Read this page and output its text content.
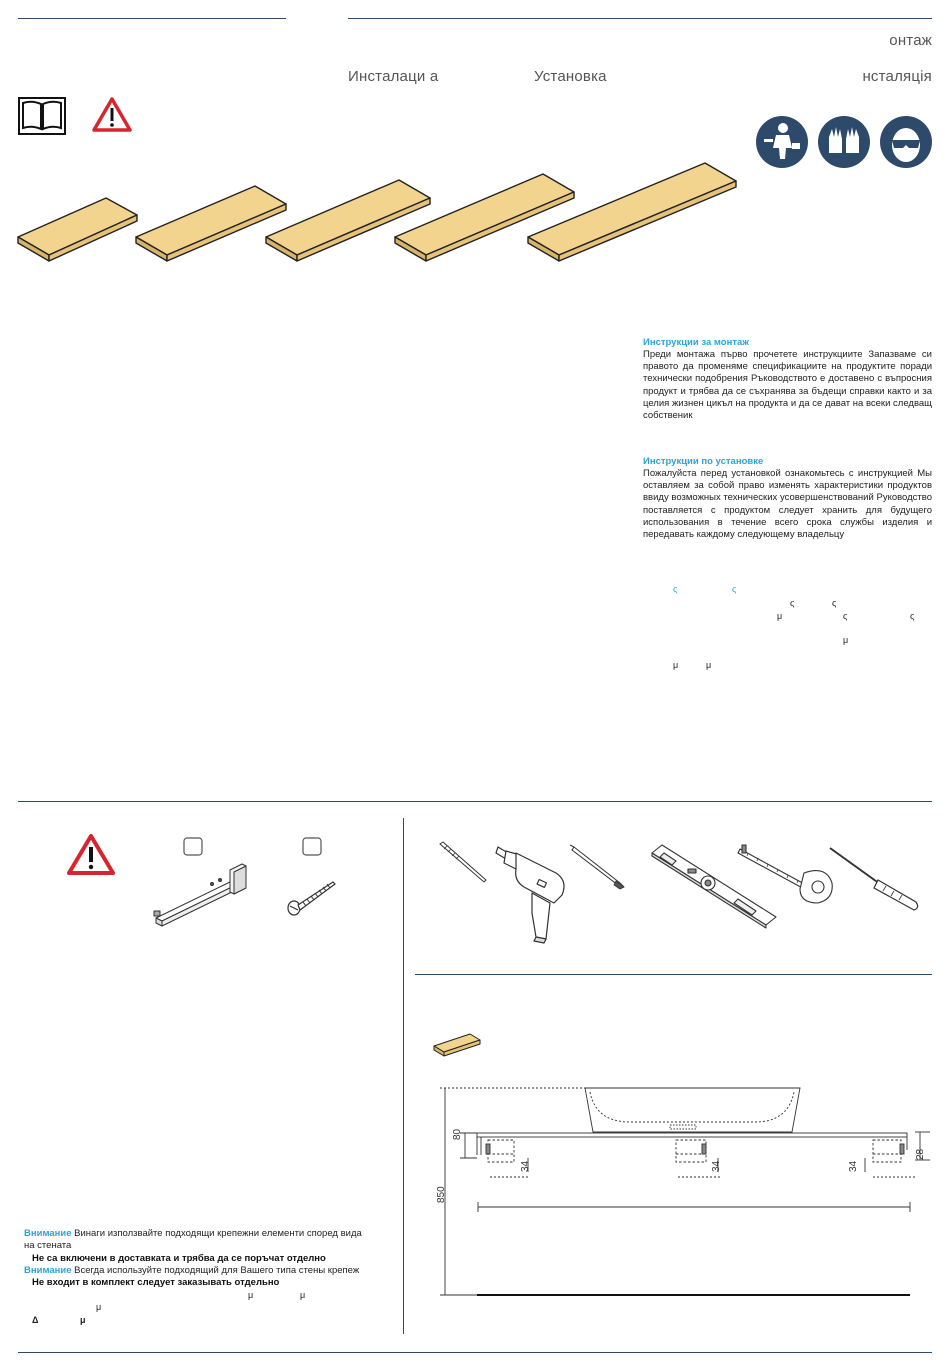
онтаж
Инсталаци а	Установка	нсталяція
Инструкции за монтаж
Преди монтажа първо прочетете инструкциите Запазваме си правото да променяме спецификациите на продуктите поради технически подобрения Ръководството е доставено с въпросния продукт и трябва да се съхранява за бъдещи справки както и за целия жизнен цикъл на продукта и да се дават на всеки следващ собственик
Инструкции по установке
Пожалуйста перед установкой ознакомьтесь с инструкцией Мы оставляем за собой право изменять характеристики продуктов ввиду возможных технических усовершенствований Руководство поставляется с продуктом следует хранить для будущего использования в течение всего срока службы изделия и передавать каждому следующему владельцу
ς	ς
ς	ς
μ	ς	ς
μ
μ	μ
Внимание Винаги използвайте подходящи крепежни елементи според вида
на стената
Не са включени в доставката и трябва да се поръчат отделно
Внимание Всегда используйте подходящий для Вашего типа стены крепеж
Не входит в комплект следует заказывать отдельно
μ	μ
μ
Δ	μ
80
850
34	34	34
28
